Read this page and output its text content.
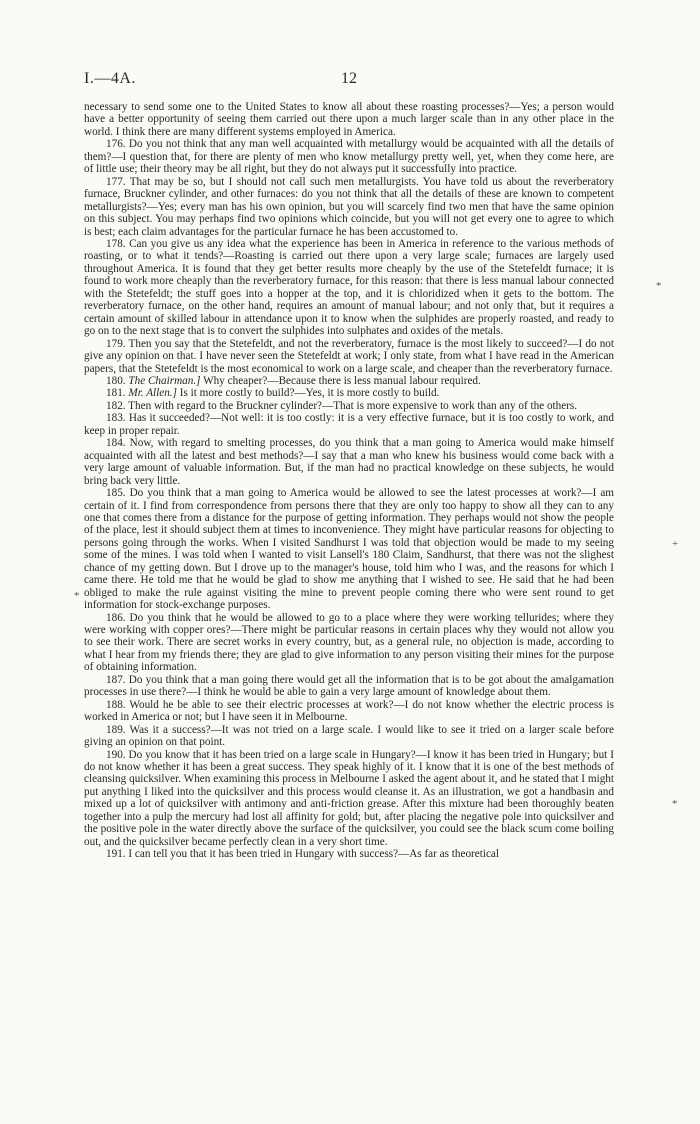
I.—4A.	12

necessary to send some one to the United States to know all about these roasting processes?—Yes; a person would have a better opportunity of seeing them carried out there upon a much larger scale than in any other place in the world. I think there are many different systems employed in America.

176. Do you not think that any man well acquainted with metallurgy would be acquainted with all the details of them?—I question that, for there are plenty of men who know metallurgy pretty well, yet, when they come here, are of little use; their theory may be all right, but they do not always put it successfully into practice.

177. That may be so, but I should not call such men metallurgists. You have told us about the reverberatory furnace, Bruckner cylinder, and other furnaces: do you not think that all the details of these are known to competent metallurgists?—Yes; every man has his own opinion, but you will scarcely find two men that have the same opinion on this subject. You may perhaps find two opinions which coincide, but you will not get every one to agree to which is best; each claim advantages for the particular furnace he has been accustomed to.

178. Can you give us any idea what the experience has been in America in reference to the various methods of roasting, or to what it tends?—Roasting is carried out there upon a very large scale; furnaces are largely used throughout America. It is found that they get better results more cheaply by the use of the Stetefeldt furnace; it is found to work more cheaply than the reverberatory furnace, for this reason: that there is less manual labour connected with the Stetefeldt; the stuff goes into a hopper at the top, and it is chloridized when it gets to the bottom. The reverberatory furnace, on the other hand, requires an amount of manual labour; and not only that, but it requires a certain amount of skilled labour in attendance upon it to know when the sulphides are properly roasted, and ready to go on to the next stage that is to convert the sulphides into sulphates and oxides of the metals.

179. Then you say that the Stetefeldt, and not the reverberatory, furnace is the most likely to succeed?—I do not give any opinion on that. I have never seen the Stetefeldt at work; I only state, from what I have read in the American papers, that the Stetefeldt is the most economical to work on a large scale, and cheaper than the reverberatory furnace.

180. The Chairman.] Why cheaper?—Because there is less manual labour required.

181. Mr. Allen.] Is it more costly to build?—Yes, it is more costly to build.

182. Then with regard to the Bruckner cylinder?—That is more expensive to work than any of the others.

183. Has it succeeded?—Not well: it is too costly: it is a very effective furnace, but it is too costly to work, and keep in proper repair.

184. Now, with regard to smelting processes, do you think that a man going to America would make himself acquainted with all the latest and best methods?—I say that a man who knew his business would come back with a very large amount of valuable information. But, if the man had no practical knowledge on these subjects, he would bring back very little.

185. Do you think that a man going to America would be allowed to see the latest processes at work?—I am certain of it. I find from correspondence from persons there that they are only too happy to show all they can to any one that comes there from a distance for the purpose of getting information. They perhaps would not show the people of the place, lest it should subject them at times to inconvenience. They might have particular reasons for objecting to persons going through the works. When I visited Sandhurst I was told that objection would be made to my seeing some of the mines. I was told when I wanted to visit Lansell's 180 Claim, Sandhurst, that there was not the slighest chance of my getting down. But I drove up to the manager's house, told him who I was, and the reasons for which I came there. He told me that he would be glad to show me anything that I wished to see. He said that he had been obliged to make the rule against visiting the mine to prevent people coming there who were sent round to get information for stock-exchange purposes.

186. Do you think that he would be allowed to go to a place where they were working tellurides; where they were working with copper ores?—There might be particular reasons in certain places why they would not allow you to see their work. There are secret works in every country, but, as a general rule, no objection is made, according to what I hear from my friends there; they are glad to give information to any person visiting their mines for the purpose of obtaining information.

187. Do you think that a man going there would get all the information that is to be got about the amalgamation processes in use there?—I think he would be able to gain a very large amount of knowledge about them.

188. Would he be able to see their electric processes at work?—I do not know whether the electric process is worked in America or not; but I have seen it in Melbourne.

189. Was it a success?—It was not tried on a large scale. I would like to see it tried on a larger scale before giving an opinion on that point.

190. Do you know that it has been tried on a large scale in Hungary?—I know it has been tried in Hungary; but I do not know whether it has been a great success. They speak highly of it. I know that it is one of the best methods of cleansing quicksilver. When examining this process in Melbourne I asked the agent about it, and he stated that I might put anything I liked into the quicksilver and this process would cleanse it. As an illustration, we got a handbasin and mixed up a lot of quicksilver with antimony and anti-friction grease. After this mixture had been thoroughly beaten together into a pulp the mercury had lost all affinity for gold; but, after placing the negative pole into quicksilver and the positive pole in the water directly above the surface of the quicksilver, you could see the black scum come boiling out, and the quicksilver became perfectly clean in a very short time.

191. I can tell you that it has been tried in Hungary with success?—As far as theoretical

*
+
*
*
